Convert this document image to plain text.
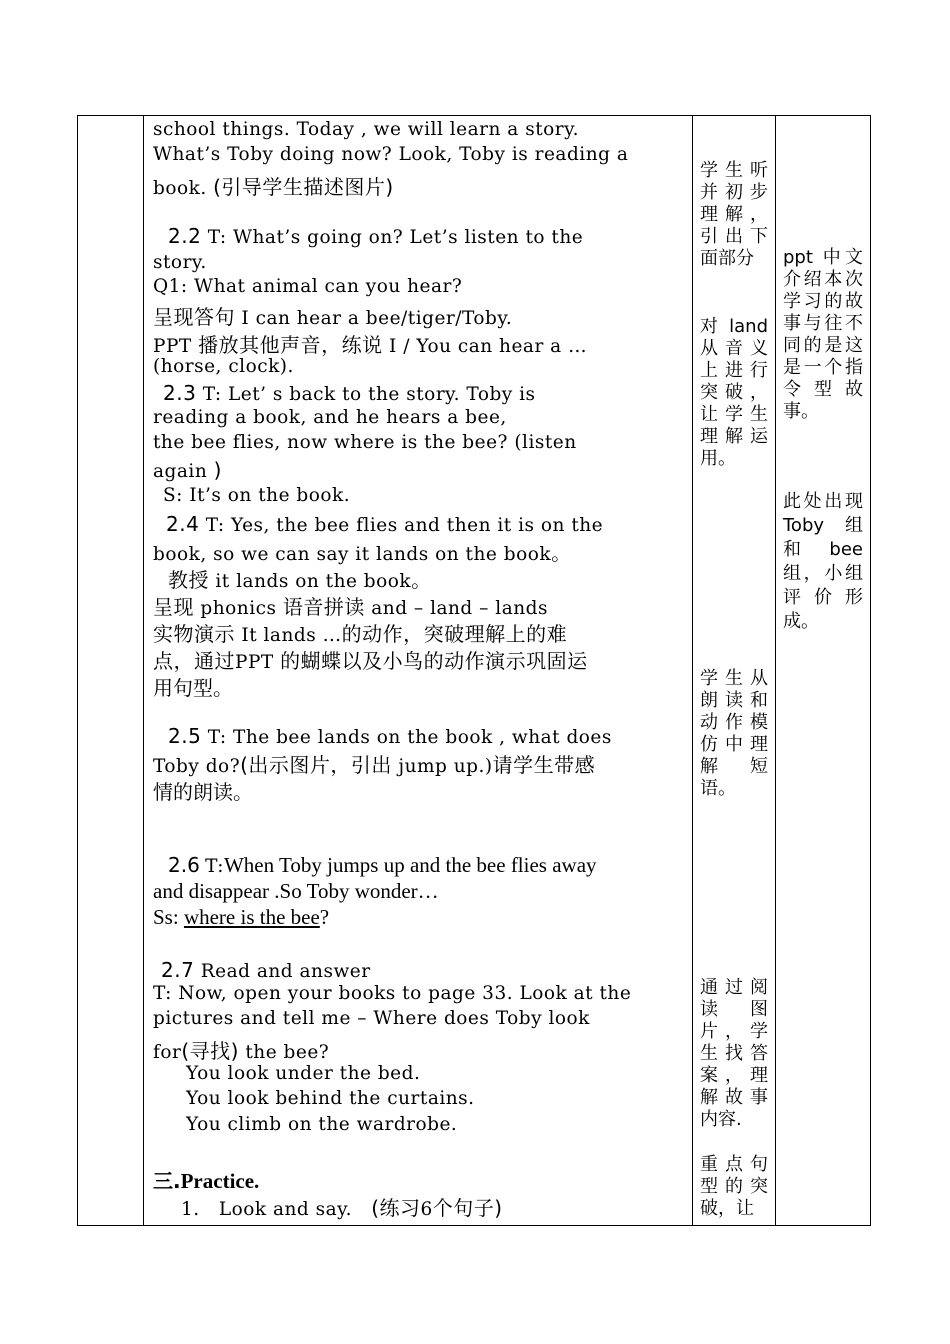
school things. Today , we will learn a story.
What’s Toby doing now? Look, Toby is reading a
book. (引导学生描述图片)
2.2 T: What’s going on? Let’s listen to the
story.
Q1: What animal can you hear?
呈现答句 I can hear a bee/tiger/Toby.
PPT 播放其他声音，练说 I / You can hear a …
(horse, clock).
2.3 T: Let’ s back to the story. Toby is
reading a book, and he hears a bee,
the bee flies, now where is the bee? (listen
again )
S: It’s on the book.
2.4 T: Yes, the bee flies and then it is on the
book, so we can say it lands on the book。
教授 it lands on the book。
呈现 phonics 语音拼读 and – land – lands
实物演示 It lands …的动作，突破理解上的难
点，通过PPT 的蝴蝶以及小鸟的动作演示巩固运
用句型。
2.5 T: The bee lands on the book , what does
Toby do?(出示图片，引出 jump up.)请学生带感
情的朗读。
2.6 T:When Toby jumps up and the bee flies away
and disappear .So Toby wonder…
Ss: where is the bee?
2.7 Read and answer
T: Now, open your books to page 33. Look at the
pictures and tell me – Where does Toby look
for(寻找) the bee?
You look under the bed.
You look behind the curtains.
You climb on the wardrobe.
三.Practice.
1. Look and say. (练习6个句子)
学生听并初步理解，引出下面部分
对 land 从音义上进行突破，让学生理解运用。
学生从朗读和动作模仿中理解 短语。
通过阅读 图片，学生找答案，理解故事内容.
重点句型的突破，让
ppt 中文介绍本次学习的故事与往不同的是这是一个指令型故事。
此处出现 Toby 组和 bee 组，小组评价形成。
